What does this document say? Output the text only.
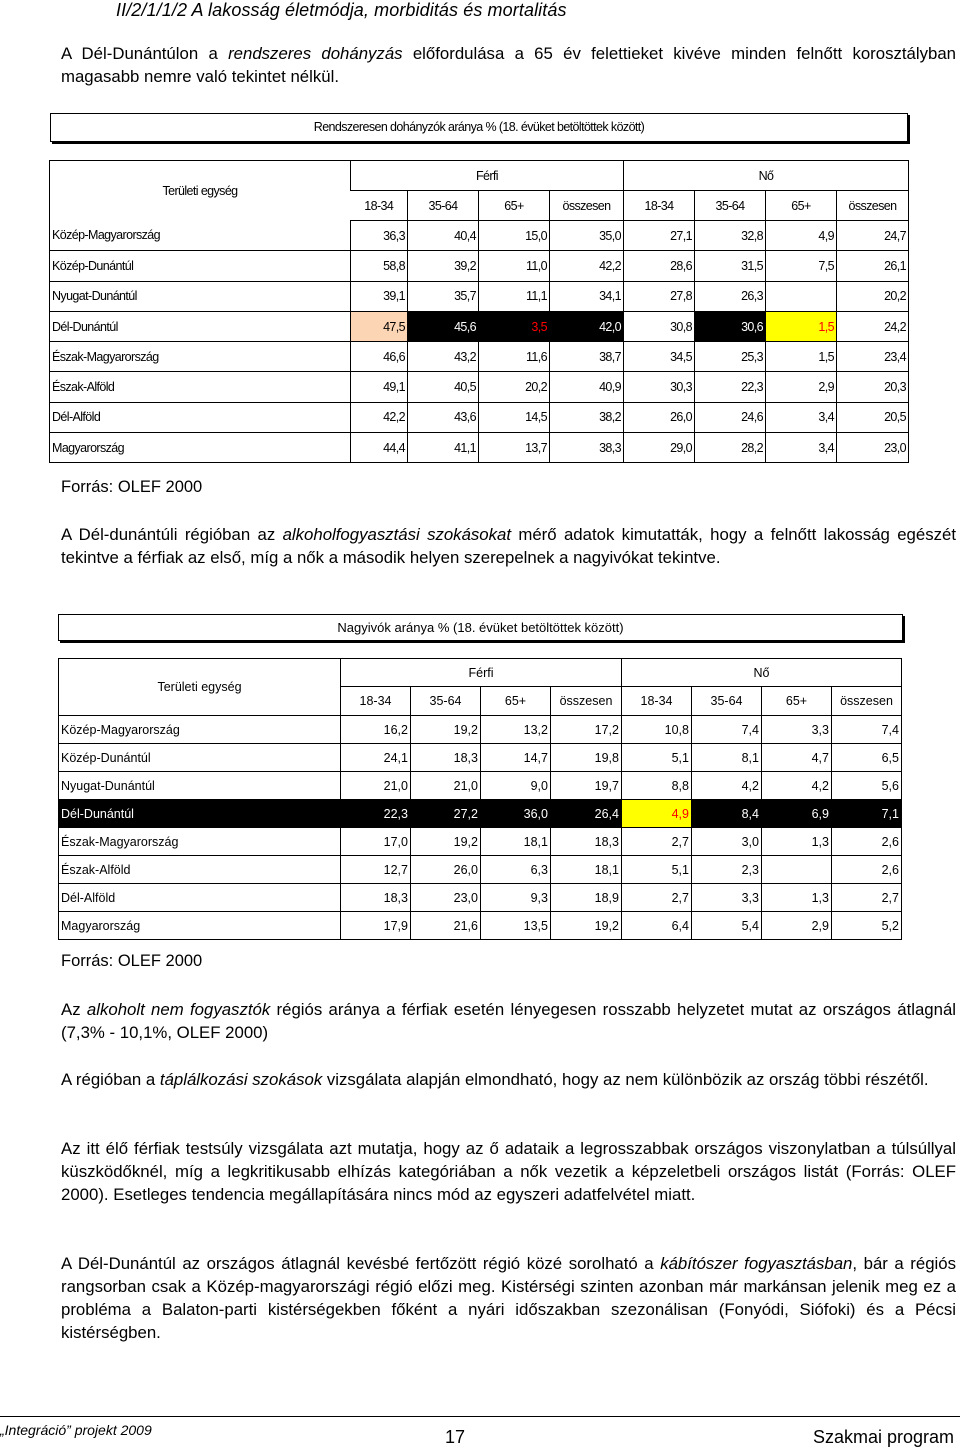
II/2/1/1/2 A lakosság életmódja, morbiditás és mortalitás

A Dél-Dunántúlon a rendszeres dohányzás előfordulása a 65 év felettieket kivéve minden felnőtt korosztályban magasabb nemre való tekintet nélkül.

Rendszeresen dohányzók aránya % (18. évüket betöltöttek között)
Területi egység	Férfi				Nő			
	18-34	35-64	65+	összesen	18-34	35-64	65+	összesen
Közép-Magyarország	36,3	40,4	15,0	35,0	27,1	32,8	4,9	24,7
Közép-Dunántúl	58,8	39,2	11,0	42,2	28,6	31,5	7,5	26,1
Nyugat-Dunántúl	39,1	35,7	11,1	34,1	27,8	26,3		20,2
Dél-Dunántúl	47,5	45,6	3,5	42,0	30,8	30,6	1,5	24,2
Észak-Magyarország	46,6	43,2	11,6	38,7	34,5	25,3	1,5	23,4
Észak-Alföld	49,1	40,5	20,2	40,9	30,3	22,3	2,9	20,3
Dél-Alföld	42,2	43,6	14,5	38,2	26,0	24,6	3,4	20,5
Magyarország	44,4	41,1	13,7	38,3	29,0	28,2	3,4	23,0
Forrás: OLEF 2000

A Dél-dunántúli régióban az alkoholfogyasztási szokásokat mérő adatok kimutatták, hogy a felnőtt lakosság egészét tekintve a férfiak az első, míg a nők a második helyen szerepelnek a nagyivókat tekintve.

Nagyivók aránya % (18. évüket betöltöttek között)
Területi egység	Férfi				Nő			
	18-34	35-64	65+	összesen	18-34	35-64	65+	összesen
Közép-Magyarország	16,2	19,2	13,2	17,2	10,8	7,4	3,3	7,4
Közép-Dunántúl	24,1	18,3	14,7	19,8	5,1	8,1	4,7	6,5
Nyugat-Dunántúl	21,0	21,0	9,0	19,7	8,8	4,2	4,2	5,6
Dél-Dunántúl	22,3	27,2	36,0	26,4	4,9	8,4	6,9	7,1
Észak-Magyarország	17,0	19,2	18,1	18,3	2,7	3,0	1,3	2,6
Észak-Alföld	12,7	26,0	6,3	18,1	5,1	2,3		2,6
Dél-Alföld	18,3	23,0	9,3	18,9	2,7	3,3	1,3	2,7
Magyarország	17,9	21,6	13,5	19,2	6,4	5,4	2,9	5,2
Forrás: OLEF 2000

Az alkoholt nem fogyasztók régiós aránya a férfiak esetén lényegesen rosszabb helyzetet mutat az országos átlagnál (7,3% - 10,1%, OLEF 2000)

A régióban a táplálkozási szokások vizsgálata alapján elmondható, hogy az nem különbözik az ország többi részétől.

Az itt élő férfiak testsúly vizsgálata azt mutatja, hogy az ő adataik a legrosszabbak országos viszonylatban a túlsúllyal küszködőknél, míg a legkritikusabb elhízás kategóriában a nők vezetik a képzeletbeli országos listát (Forrás: OLEF 2000). Esetleges tendencia megállapítására nincs mód az egyszeri adatfelvétel miatt.

A Dél-Dunántúl az országos átlagnál kevésbé fertőzött régió közé sorolható a kábítószer fogyasztásban, bár a régiós rangsorban csak a Közép-magyarországi régió előzi meg. Kistérségi szinten azonban már markánsan jelenik meg ez a probléma a Balaton-parti kistérségekben főként a nyári időszakban szezonálisan (Fonyódi, Siófoki) és a Pécsi kistérségben.

„Integráció” projekt 2009	17	Szakmai program
